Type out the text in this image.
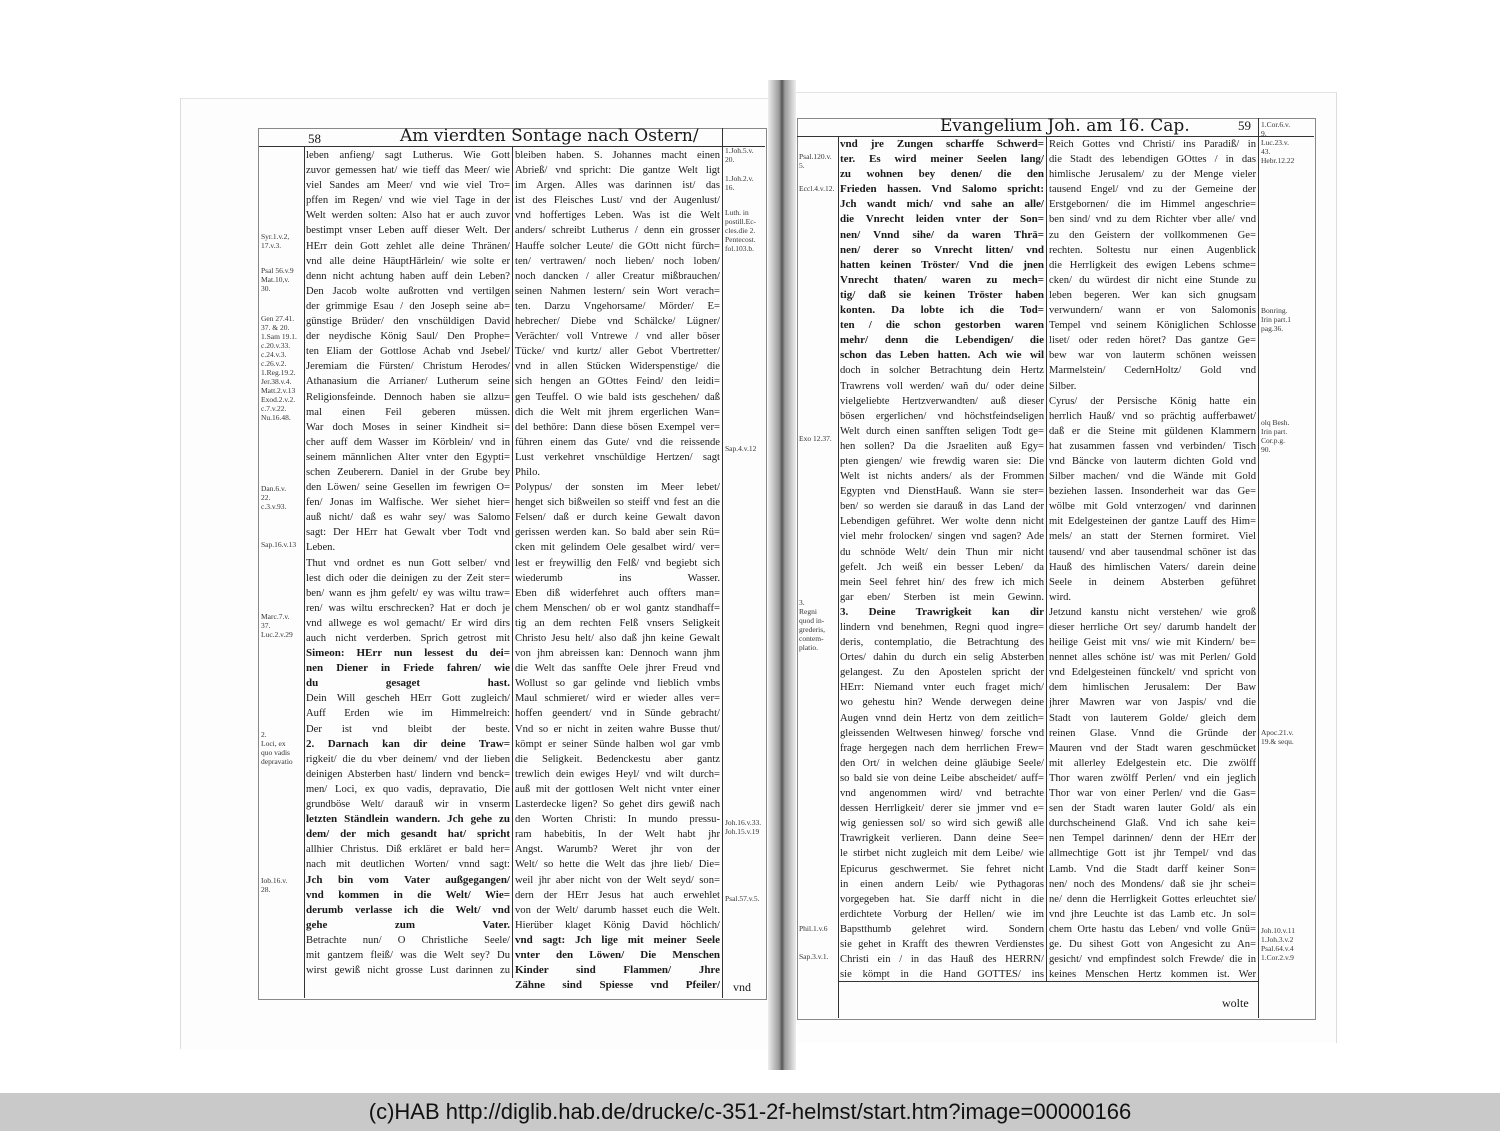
58	Am vierdten Sontage nach Ostern/
leben anfieng/ sagt Lutherus. Wie Gott
zuvor gemessen hat/ wie tieff das Meer/ wie
viel Sandes am Meer/ vnd wie viel Tro=
pffen im Regen/ vnd wie viel Tage in der
Welt werden solten: Also hat er auch zuvor
bestimpt vnser Leben auff dieser Welt. Der
HErr dein Gott zehlet alle deine Thränen/
vnd alle deine HäuptHärlein/ wie solte er
denn nicht achtung haben auff dein Leben?
Den Jacob wolte außrotten vnd vertilgen
der grimmige Esau / den Joseph seine ab=
günstige Brüder/ den vnschüldigen David
der neydische König Saul/ Den Prophe=
ten Eliam der Gottlose Achab vnd Jsebel/
Jeremiam die Fürsten/ Christum Herodes/
Athanasium die Arrianer/ Lutherum seine
Religionsfeinde. Dennoch haben sie allzu=
mal einen Feil geberen müssen.
War doch Moses in seiner Kindheit si=
cher auff dem Wasser im Körblein/ vnd in
seinem männlichen Alter vnter den Egypti=
schen Zeuberern. Daniel in der Grube bey
den Löwen/ seine Gesellen im fewrigen O=
fen/ Jonas im Walfische. Wer siehet hier=
auß nicht/ daß es wahr sey/ was Salomo
sagt: Der HErr hat Gewalt vber Todt vnd
Leben.
Thut vnd ordnet es nun Gott selber/ vnd
lest dich oder die deinigen zu der Zeit ster=
ben/ wann es jhm gefelt/ ey was wiltu traw=
ren/ was wiltu erschrecken? Hat er doch je
vnd allwege es wol gemacht/ Er wird dirs
auch nicht verderben. Sprich getrost mit
Simeon: HErr nun lessest du dei=
nen Diener in Friede fahren/ wie
du gesaget hast.
Dein Will gescheh HErr Gott zugleich/
Auff Erden wie im Himmelreich:
Der ist vnd bleibt der beste.
2. Darnach kan dir deine Traw=
rigkeit/ die du vber deinem/ vnd der lieben
deinigen Absterben hast/ lindern vnd benck=
men/ Loci, ex quo vadis, depravatio, Die
grundböse Welt/ darauß wir in vnserm
letzten Ständlein wandern. Jch gehe zu
dem/ der mich gesandt hat/ spricht
allhier Christus. Diß erkläret er bald her=
nach mit deutlichen Worten/ vnnd sagt:
Jch bin vom Vater außgegangen/
vnd kommen in die Welt/ Wie=
derumb verlasse ich die Welt/ vnd
gehe zum Vater.
Betrachte nun/ O Christliche Seele/
mit gantzem fleiß/ was die Welt sey? Du
wirst gewiß nicht grosse Lust darinnen zu
bleiben haben. S. Johannes macht einen
Abrieß/ vnd spricht: Die gantze Welt ligt
im Argen. Alles was darinnen ist/ das
ist des Fleisches Lust/ vnd der Augenlust/
vnd hoffertiges Leben. Was ist die Welt
anders/ schreibt Lutherus / denn ein grosser
Hauffe solcher Leute/ die GOtt nicht fürch=
ten/ vertrawen/ noch lieben/ noch loben/
noch dancken / aller Creatur mißbrauchen/
seinen Nahmen lestern/ sein Wort verach=
ten. Darzu Vngehorsame/ Mörder/ E=
hebrecher/ Diebe vnd Schälcke/ Lügner/
Verächter/ voll Vntrewe / vnd aller böser
Tücke/ vnd kurtz/ aller Gebot Vbertretter/
vnd in allen Stücken Widerspenstige/ die
sich hengen an GOttes Feind/ den leidi=
gen Teuffel. O wie bald ists geschehen/ daß
dich die Welt mit jhrem ergerlichen Wan=
del bethöre: Dann diese bösen Exempel ver=
führen einem das Gute/ vnd die reissende
Lust verkehret vnschüldige Hertzen/ sagt
Philo.
Polypus/ der sonsten im Meer lebet/
henget sich bißweilen so steiff vnd fest an die
Felsen/ daß er durch keine Gewalt davon
gerissen werden kan. So bald aber sein Rü=
cken mit gelindem Oele gesalbet wird/ ver=
lest er freywillig den Felß/ vnd begiebt sich
wiederumb ins Wasser.
Eben diß widerfehret auch offters man=
chem Menschen/ ob er wol gantz standhaff=
tig an dem rechten Felß vnsers Seligkeit
Christo Jesu helt/ also daß jhn keine Gewalt
von jhm abreissen kan: Dennoch wann jhm
die Welt das sanffte Oele jhrer Freud vnd
Wollust so gar gelinde vnd lieblich vmbs
Maul schmieret/ wird er wieder alles ver=
hoffen geendert/ vnd in Sünde gebracht/
Vnd so er nicht in zeiten wahre Busse thut/
kömpt er seiner Sünde halben wol gar vmb
die Seligkeit. Bedenckestu aber gantz
trewlich dein ewiges Heyl/ vnd wilt durch=
auß mit der gottlosen Welt nicht vnter einer
Lasterdecke ligen? So gehet dirs gewiß nach
den Worten Christi: In mundo pressu-
ram habebitis, In der Welt habt jhr
Angst. Warumb? Weret jhr von der
Welt/ so hette die Welt das jhre lieb/ Die=
weil jhr aber nicht von der Welt seyd/ son=
dern der HErr Jesus hat auch erwehlet
von der Welt/ darumb hasset euch die Welt.
Hierüber klaget König David höchlich/
vnd sagt: Jch lige mit meiner Seele
vnter den Löwen/ Die Menschen
Kinder sind Flammen/ Jhre
Zähne sind Spiesse vnd Pfeiler/
Syr.1.v.2,
17.v.3.
Psal 56.v.9
Mat.10,v.
30.
Gen 27.41.
37. & 20.
1.Sam 19.1.
c.20.v.33.
c.24.v.3.
c.26.v.2.
1.Reg.19.2.
Jer.38.v.4.
Matt.2.v.13
Exod.2.v.2.
c.7.v.22.
Nu.16.48.
Dan.6.v.
22.
c.3.v.93.
Sap.16.v.13
Marc.7.v.
37.
Luc.2.v.29
2.
Loci, ex
quo vadis
depravatio
Iob.16.v.
28.
1.Joh.5.v.
20.
1.Joh.2.v.
16.
Luth. in
postill.Ec-
cles.die 2.
Pentecost.
fol.103.b.
Sap.4.v.12
Joh.16.v.33.
Joh.15.v.19
Psal.57.v.5.
vnd
Evangelium Joh. am 16. Cap.	59
vnd jre Zungen scharffe Schwerd=
ter. Es wird meiner Seelen lang/
zu wohnen bey denen/ die den
Frieden hassen. Vnd Salomo spricht:
Jch wandt mich/ vnd sahe an alle/
die Vnrecht leiden vnter der Son=
nen/ Vnnd sihe/ da waren Thrä=
nen/ derer so Vnrecht litten/ vnd
hatten keinen Tröster/ Vnd die jnen
Vnrecht thaten/ waren zu mech=
tig/ daß sie keinen Tröster haben
konten. Da lobte ich die Tod=
ten / die schon gestorben waren
mehr/ denn die Lebendigen/ die
schon das Leben hatten. Ach wie wil
doch in solcher Betrachtung dein Hertz
Trawrens voll werden/ wañ du/ oder deine
vielgeliebte Hertzverwandten/ auß dieser
bösen ergerlichen/ vnd höchstfeindseligen
Welt durch einen sanfften seligen Todt ge=
hen sollen? Da die Jsraeliten auß Egy=
pten giengen/ wie frewdig waren sie: Die
Welt ist nichts anders/ als der Frommen
Egypten vnd DienstHauß. Wann sie ster=
ben/ so werden sie darauß in das Land der
Lebendigen geführet. Wer wolte denn nicht
viel mehr frolocken/ singen vnd sagen? Ade
du schnöde Welt/ dein Thun mir nicht
gefelt. Jch weiß ein besser Leben/ da
mein Seel fehret hin/ des frew ich mich
gar eben/ Sterben ist mein Gewinn.
3. Deine Trawrigkeit kan dir
lindern vnd benehmen, Regni quod ingre=
deris, contemplatio, die Betrachtung des
Ortes/ dahin du durch ein selig Absterben
gelangest. Zu den Apostelen spricht der
HErr: Niemand vnter euch fraget mich/
wo gehestu hin? Wende derwegen deine
Augen vnnd dein Hertz von dem zeitlich=
gleissenden Weltwesen hinweg/ forsche vnd
frage hergegen nach dem herrlichen Frew=
den Ort/ in welchen deine gläubige Seele/
so bald sie von deine Leibe abscheidet/ auff=
vnd angenommen wird/ vnd betrachte
dessen Herrligkeit/ derer sie jmmer vnd e=
wig geniessen sol/ so wird sich gewiß alle
Trawrigkeit verlieren. Dann deine See=
le stirbet nicht zugleich mit dem Leibe/ wie
Epicurus geschwermet. Sie fehret nicht
in einen andern Leib/ wie Pythagoras
vorgegeben hat. Sie darff nicht in die
erdichtete Vorburg der Hellen/ wie im
Bapstthumb gelehret wird. Sondern
sie gehet in Krafft des thewren Verdienstes
Christi ein / in das Hauß des HERRN/
sie kömpt in die Hand GOTTES/ ins
Reich Gottes vnd Christi/ ins Paradiß/ in
die Stadt des lebendigen GOttes / in das
himlische Jerusalem/ zu der Menge vieler
tausend Engel/ vnd zu der Gemeine der
Erstgebornen/ die im Himmel angeschrie=
ben sind/ vnd zu dem Richter vber alle/ vnd
zu den Geistern der vollkommenen Ge=
rechten. Soltestu nur einen Augenblick
die Herrligkeit des ewigen Lebens schme=
cken/ du würdest dir nicht eine Stunde zu
leben begeren. Wer kan sich gnugsam
verwundern/ wann er von Salomonis
Tempel vnd seinem Königlichen Schlosse
liset/ oder reden höret? Das gantze Ge=
bew war von lauterm schönen weissen
Marmelstein/ CedernHoltz/ Gold vnd
Silber.
Cyrus/ der Persische König hatte ein
herrlich Hauß/ vnd so prächtig aufferbawet/
daß er die Steine mit güldenen Klammern
hat zusammen fassen vnd verbinden/ Tisch
vnd Bäncke von lauterm dichten Gold vnd
Silber machen/ vnd die Wände mit Gold
beziehen lassen. Insonderheit war das Ge=
wölbe mit Gold vnterzogen/ vnd darinnen
mit Edelgesteinen der gantze Lauff des Him=
mels/ an statt der Sternen formiret. Viel
tausend/ vnd aber tausendmal schöner ist das
Hauß des himlischen Vaters/ darein deine
Seele in deinem Absterben geführet
wird.
Jetzund kanstu nicht verstehen/ wie groß
dieser herrliche Ort sey/ darumb handelt der
heilige Geist mit vns/ wie mit Kindern/ be=
nennet alles schöne ist/ was mit Perlen/ Gold
vnd Edelgesteinen fünckelt/ vnd spricht von
dem himlischen Jerusalem: Der Baw
jhrer Mawren war von Jaspis/ vnd die
Stadt von lauterem Golde/ gleich dem
reinen Glase. Vnnd die Gründe der
Mauren vnd der Stadt waren geschmücket
mit allerley Edelgestein etc. Die zwölff
Thor waren zwölff Perlen/ vnd ein jeglich
Thor war von einer Perlen/ vnd die Gas=
sen der Stadt waren lauter Gold/ als ein
durchscheinend Glaß. Vnd ich sahe kei=
nen Tempel darinnen/ denn der HErr der
allmechtige Gott ist jhr Tempel/ vnd das
Lamb. Vnd die Stadt darff keiner Son=
nen/ noch des Mondens/ daß sie jhr schei=
ne/ denn die Herrligkeit Gottes erleuchtet sie/
vnd jhre Leuchte ist das Lamb etc. Jn sol=
chem Orte hastu das Leben/ vnd volle Gnü=
ge. Du sihest Gott von Angesicht zu An=
gesicht/ vnd empfindest solch Frewde/ die in
keines Menschen Hertz kommen ist. Wer
Psal.120.v.5.
Eccl.4.v.12.
Exo 12.37.
3.
Regni
quod in-
grederis,
contem-
platio.
Phil.1.v.6
Sap.3.v.1.
1.Cor.6.v.
9.
Luc.23.v.
43.
Hebr.12.22
Bonring.
Irin part.1
pag.36.
olq Besh.
Irin part.
Cor.p.g.
90.
Apoc.21.v.
19.& sequ.
Joh.10.v.11
1.Joh.3.v.2
Psal.64.v.4
1.Cor.2.v.9
wolte
(c)HAB http://diglib.hab.de/drucke/c-351-2f-helmst/start.htm?image=00000166
